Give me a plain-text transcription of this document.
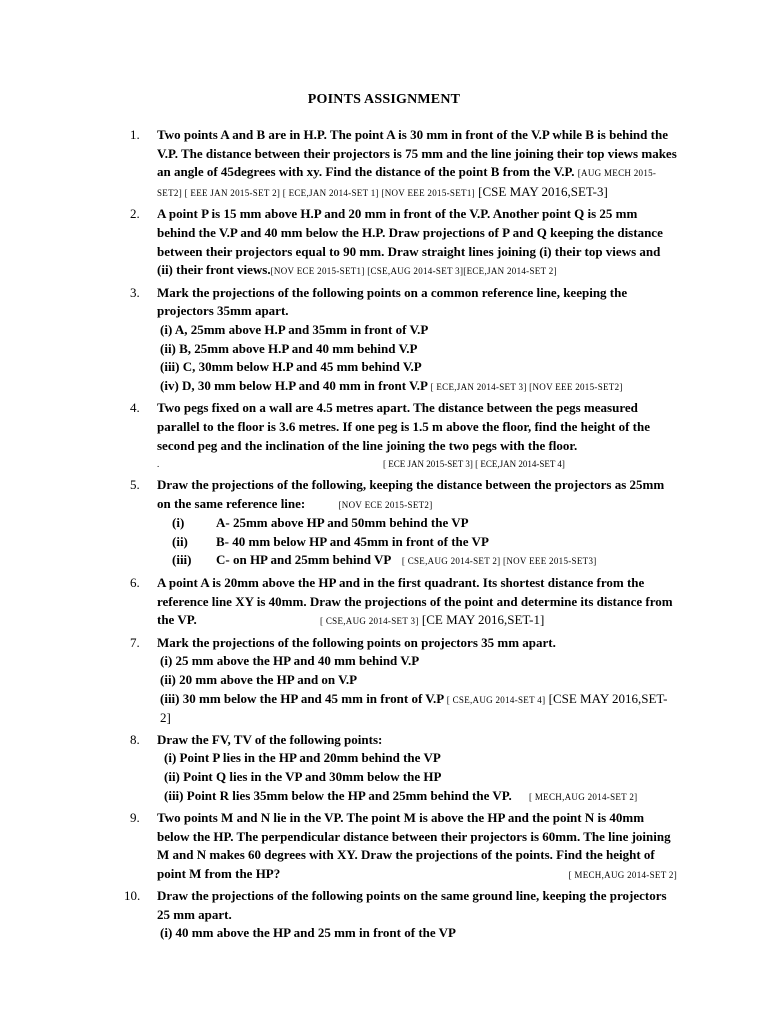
POINTS ASSIGNMENT
1. Two points A and B are in H.P. The point A is 30 mm in front of the V.P while B is behind the V.P. The distance between their projectors is 75 mm and the line joining their top views makes an angle of 45degrees with xy. Find the distance of the point B from the V.P. [AUG MECH 2015-SET2] [ EEE JAN 2015-SET 2] [ ECE,JAN 2014-SET 1] [NOV EEE 2015-SET1] [CSE MAY 2016,SET-3]
2. A point P is 15 mm above H.P and 20 mm in front of the V.P. Another point Q is 25 mm behind the V.P and 40 mm below the H.P. Draw projections of P and Q keeping the distance between their projectors equal to 90 mm. Draw straight lines joining (i) their top views and (ii) their front views.[NOV ECE 2015-SET1] [CSE,AUG 2014-SET 3][ECE,JAN 2014-SET 2]
3. Mark the projections of the following points on a common reference line, keeping the projectors 35mm apart.
(i) A, 25mm above H.P and 35mm in front of V.P
(ii) B, 25mm above H.P and 40 mm behind V.P
(iii) C, 30mm below H.P and 45 mm behind V.P
(iv) D, 30 mm below H.P and 40 mm in front V.P [ ECE,JAN 2014-SET 3] [NOV EEE 2015-SET2]
4. Two pegs fixed on a wall are 4.5 metres apart. The distance between the pegs measured parallel to the floor is 3.6 metres. If one peg is 1.5 m above the floor, find the height of the second peg and the inclination of the line joining the two pegs with the floor.
.	[ ECE JAN 2015-SET 3] [ ECE,JAN 2014-SET 4]
5. Draw the projections of the following, keeping the distance between the projectors as 25mm on the same reference line:	[NOV ECE 2015-SET2]
(i) A- 25mm above HP and 50mm behind the VP
(ii) B- 40 mm below HP and 45mm in front of the VP
(iii) C- on HP and 25mm behind VP [ CSE,AUG 2014-SET 2] [NOV EEE 2015-SET3]
6. A point A is 20mm above the HP and in the first quadrant. Its shortest distance from the reference line XY is 40mm. Draw the projections of the point and determine its distance from the VP.	[ CSE,AUG 2014-SET 3] [CE MAY 2016,SET-1]
7. Mark the projections of the following points on projectors 35 mm apart.
(i) 25 mm above the HP and 40 mm behind V.P
(ii) 20 mm above the HP and on V.P
(iii) 30 mm below the HP and 45 mm in front of V.P [ CSE,AUG 2014-SET 4] [CSE MAY 2016,SET-2]
8. Draw the FV, TV of the following points:
(i) Point P lies in the HP and 20mm behind the VP
(ii) Point Q lies in the VP and 30mm below the HP
(iii) Point R lies 35mm below the HP and 25mm behind the VP. [ MECH,AUG 2014-SET 2]
9. Two points M and N lie in the VP. The point M is above the HP and the point N is 40mm below the HP. The perpendicular distance between their projectors is 60mm. The line joining M and N makes 60 degrees with XY. Draw the projections of the points. Find the height of point M from the HP?	[ MECH,AUG 2014-SET 2]
10. Draw the projections of the following points on the same ground line, keeping the projectors 25 mm apart.
(i) 40 mm above the HP and 25 mm in front of the VP
